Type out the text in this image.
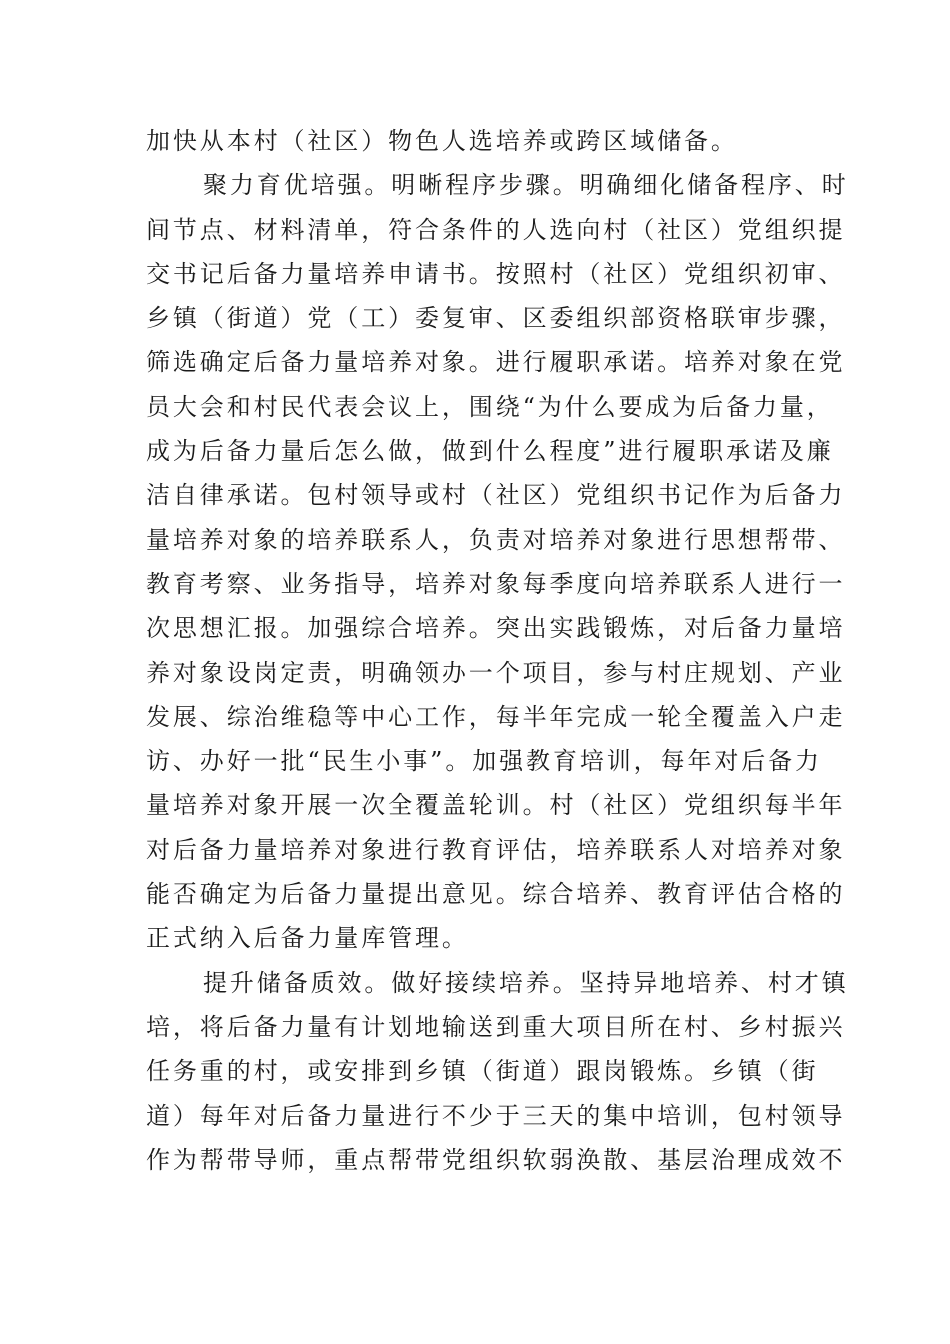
加快从本村（社区）物色人选培养或跨区域储备。
聚力育优培强。明晰程序步骤。明确细化储备程序、时
间节点、材料清单，符合条件的人选向村（社区）党组织提
交书记后备力量培养申请书。按照村（社区）党组织初审、
乡镇（街道）党（工）委复审、区委组织部资格联审步骤，
筛选确定后备力量培养对象。进行履职承诺。培养对象在党
员大会和村民代表会议上，围绕“为什么要成为后备力量，
成为后备力量后怎么做，做到什么程度”进行履职承诺及廉
洁自律承诺。包村领导或村（社区）党组织书记作为后备力
量培养对象的培养联系人，负责对培养对象进行思想帮带、
教育考察、业务指导，培养对象每季度向培养联系人进行一
次思想汇报。加强综合培养。突出实践锻炼，对后备力量培
养对象设岗定责，明确领办一个项目，参与村庄规划、产业
发展、综治维稳等中心工作，每半年完成一轮全覆盖入户走
访、办好一批“民生小事”。加强教育培训，每年对后备力
量培养对象开展一次全覆盖轮训。村（社区）党组织每半年
对后备力量培养对象进行教育评估，培养联系人对培养对象
能否确定为后备力量提出意见。综合培养、教育评估合格的
正式纳入后备力量库管理。
提升储备质效。做好接续培养。坚持异地培养、村才镇
培，将后备力量有计划地输送到重大项目所在村、乡村振兴
任务重的村，或安排到乡镇（街道）跟岗锻炼。乡镇（街
道）每年对后备力量进行不少于三天的集中培训，包村领导
作为帮带导师，重点帮带党组织软弱涣散、基层治理成效不
